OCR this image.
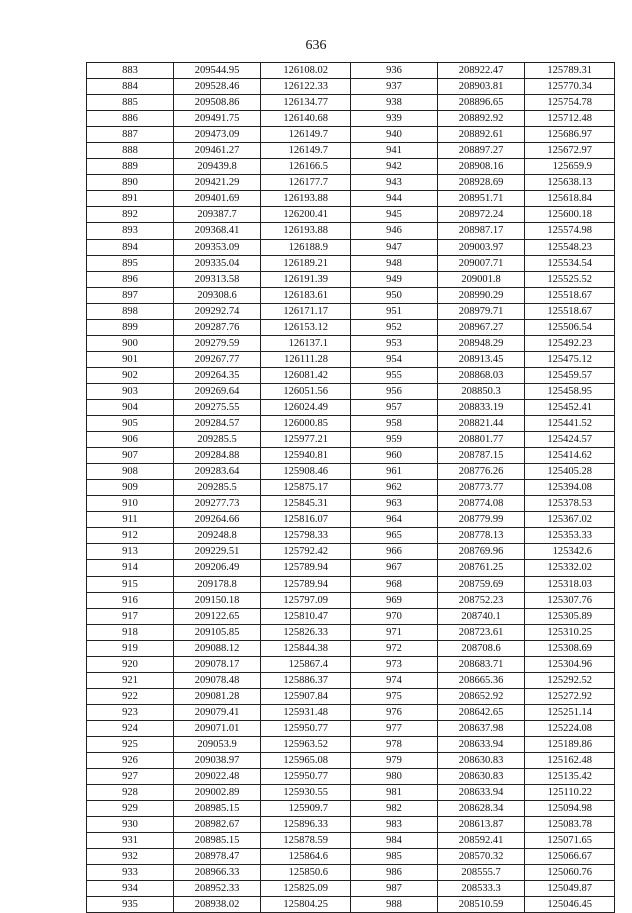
636
883	209544.95	126108.02	936	208922.47	125789.31
884	209528.46	126122.33	937	208903.81	125770.34
885	209508.86	126134.77	938	208896.65	125754.78
886	209491.75	126140.68	939	208892.92	125712.48
887	209473.09	126149.7	940	208892.61	125686.97
888	209461.27	126149.7	941	208897.27	125672.97
889	209439.8	126166.5	942	208908.16	125659.9
890	209421.29	126177.7	943	208928.69	125638.13
891	209401.69	126193.88	944	208951.71	125618.84
892	209387.7	126200.41	945	208972.24	125600.18
893	209368.41	126193.88	946	208987.17	125574.98
894	209353.09	126188.9	947	209003.97	125548.23
895	209335.04	126189.21	948	209007.71	125534.54
896	209313.58	126191.39	949	209001.8	125525.52
897	209308.6	126183.61	950	208990.29	125518.67
898	209292.74	126171.17	951	208979.71	125518.67
899	209287.76	126153.12	952	208967.27	125506.54
900	209279.59	126137.1	953	208948.29	125492.23
901	209267.77	126111.28	954	208913.45	125475.12
902	209264.35	126081.42	955	208868.03	125459.57
903	209269.64	126051.56	956	208850.3	125458.95
904	209275.55	126024.49	957	208833.19	125452.41
905	209284.57	126000.85	958	208821.44	125441.52
906	209285.5	125977.21	959	208801.77	125424.57
907	209284.88	125940.81	960	208787.15	125414.62
908	209283.64	125908.46	961	208776.26	125405.28
909	209285.5	125875.17	962	208773.77	125394.08
910	209277.73	125845.31	963	208774.08	125378.53
911	209264.66	125816.07	964	208779.99	125367.02
912	209248.8	125798.33	965	208778.13	125353.33
913	209229.51	125792.42	966	208769.96	125342.6
914	209206.49	125789.94	967	208761.25	125332.02
915	209178.8	125789.94	968	208759.69	125318.03
916	209150.18	125797.09	969	208752.23	125307.76
917	209122.65	125810.47	970	208740.1	125305.89
918	209105.85	125826.33	971	208723.61	125310.25
919	209088.12	125844.38	972	208708.6	125308.69
920	209078.17	125867.4	973	208683.71	125304.96
921	209078.48	125886.37	974	208665.36	125292.52
922	209081.28	125907.84	975	208652.92	125272.92
923	209079.41	125931.48	976	208642.65	125251.14
924	209071.01	125950.77	977	208637.98	125224.08
925	209053.9	125963.52	978	208633.94	125189.86
926	209038.97	125965.08	979	208630.83	125162.48
927	209022.48	125950.77	980	208630.83	125135.42
928	209002.89	125930.55	981	208633.94	125110.22
929	208985.15	125909.7	982	208628.34	125094.98
930	208982.67	125896.33	983	208613.87	125083.78
931	208985.15	125878.59	984	208592.41	125071.65
932	208978.47	125864.6	985	208570.32	125066.67
933	208966.33	125850.6	986	208555.7	125060.76
934	208952.33	125825.09	987	208533.3	125049.87
935	208938.02	125804.25	988	208510.59	125046.45
